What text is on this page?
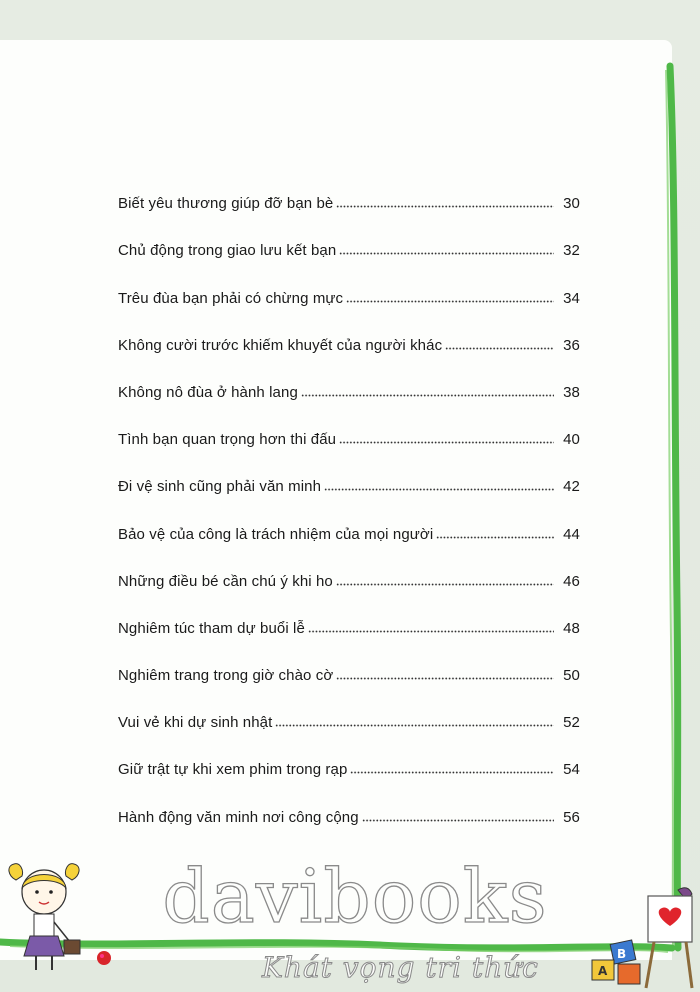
Biết yêu thương giúp đỡ bạn bè	30
Chủ động trong giao lưu kết bạn	32
Trêu đùa bạn phải có chừng mực	34
Không cười trước khiếm khuyết của người khác	36
Không nô đùa ở hành lang	38
Tình bạn quan trọng hơn thi đấu	40
Đi vệ sinh cũng phải văn minh	42
Bảo vệ của công là trách nhiệm của mọi người	44
Những điều bé cần chú ý khi ho	46
Nghiêm túc tham dự buổi lễ	48
Nghiêm trang trong giờ chào cờ	50
Vui vẻ khi dự sinh nhật	52
Giữ trật tự khi xem phim trong rạp	54
Hành động văn minh nơi công cộng	56
B
A
davibooks
Khát vọng tri thức
